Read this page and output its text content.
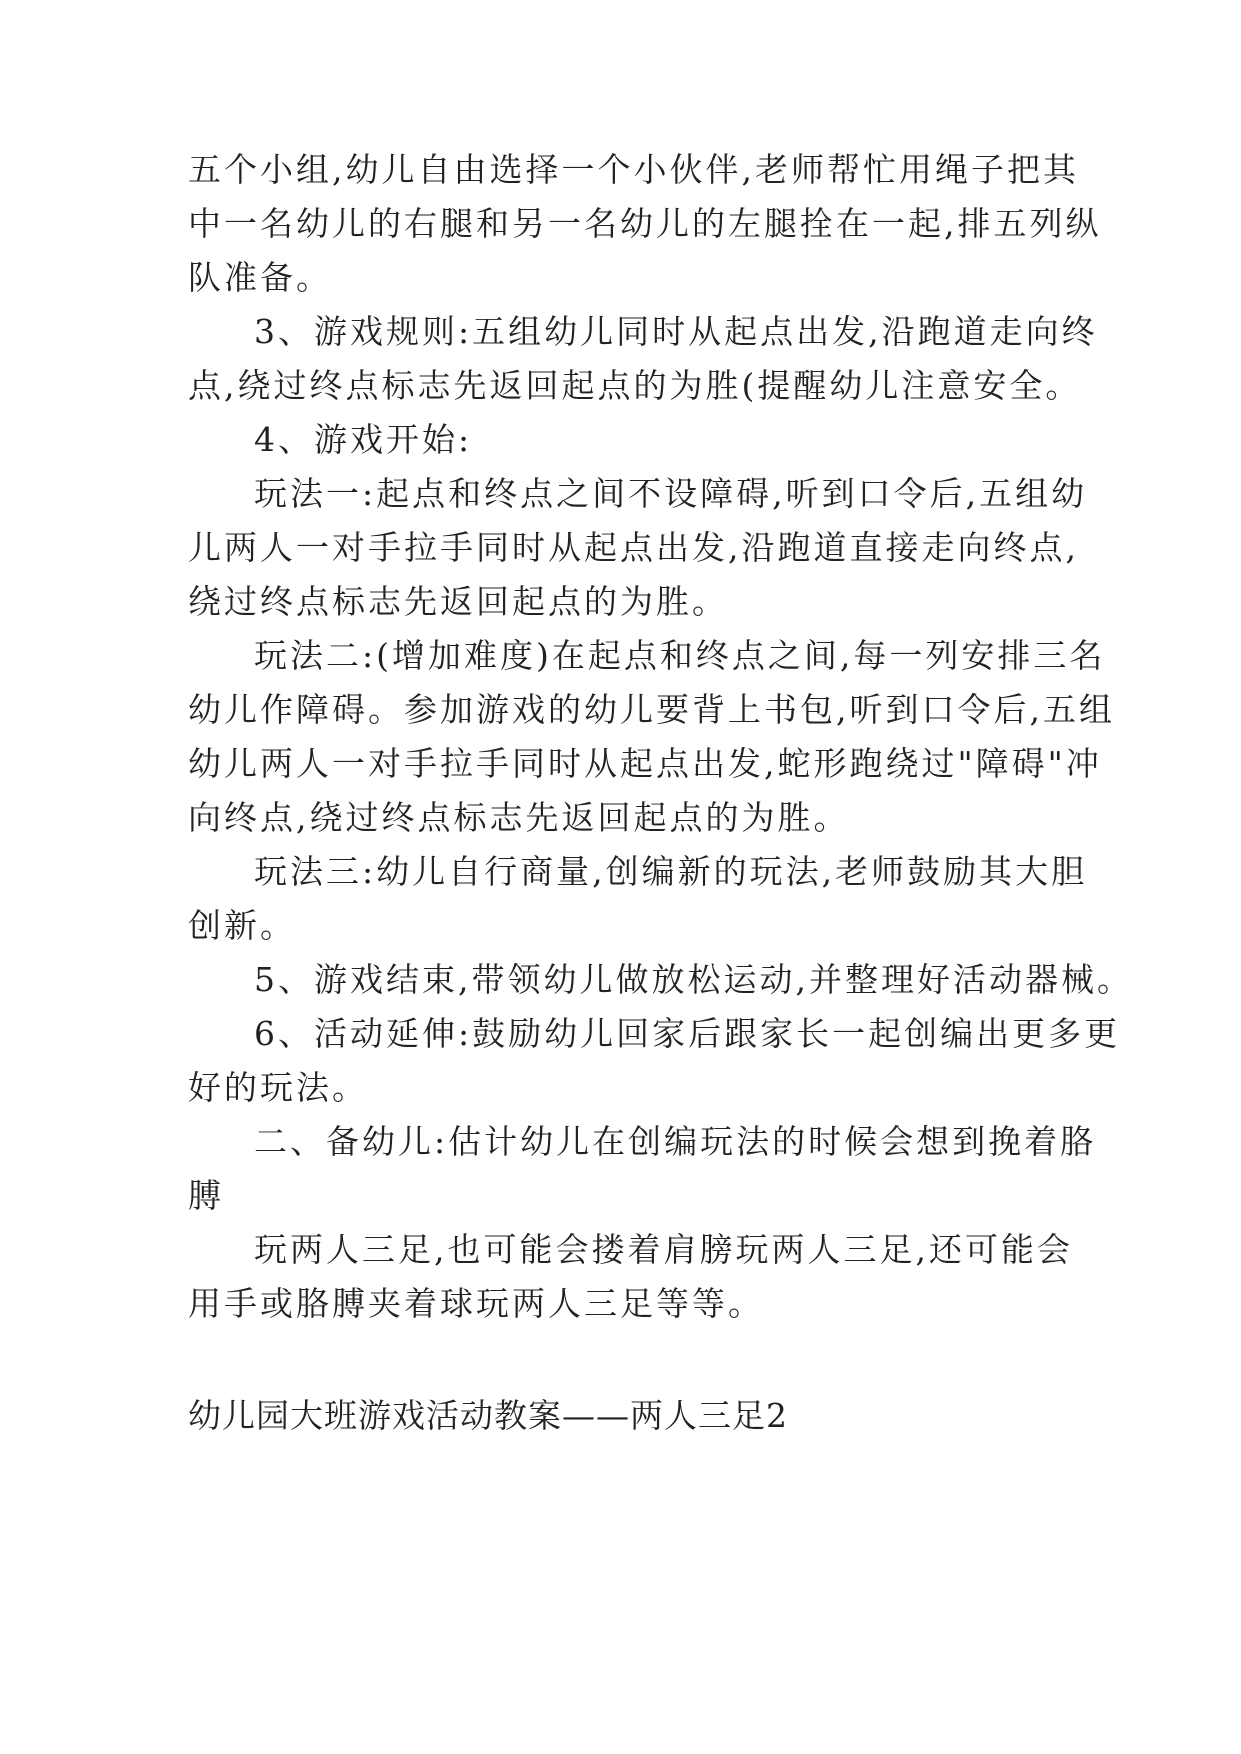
五个小组,幼儿自由选择一个小伙伴,老师帮忙用绳子把其
中一名幼儿的右腿和另一名幼儿的左腿拴在一起,排五列纵
队准备。
3、游戏规则:五组幼儿同时从起点出发,沿跑道走向终
点,绕过终点标志先返回起点的为胜(提醒幼儿注意安全。
4、游戏开始:
玩法一:起点和终点之间不设障碍,听到口令后,五组幼
儿两人一对手拉手同时从起点出发,沿跑道直接走向终点,
绕过终点标志先返回起点的为胜。
玩法二:(增加难度)在起点和终点之间,每一列安排三名
幼儿作障碍。参加游戏的幼儿要背上书包,听到口令后,五组
幼儿两人一对手拉手同时从起点出发,蛇形跑绕过"障碍"冲
向终点,绕过终点标志先返回起点的为胜。
玩法三:幼儿自行商量,创编新的玩法,老师鼓励其大胆
创新。
5、游戏结束,带领幼儿做放松运动,并整理好活动器械。
6、活动延伸:鼓励幼儿回家后跟家长一起创编出更多更
好的玩法。
二、备幼儿:估计幼儿在创编玩法的时候会想到挽着胳
膊
玩两人三足,也可能会搂着肩膀玩两人三足,还可能会
用手或胳膊夹着球玩两人三足等等。
幼儿园大班游戏活动教案——两人三足2
